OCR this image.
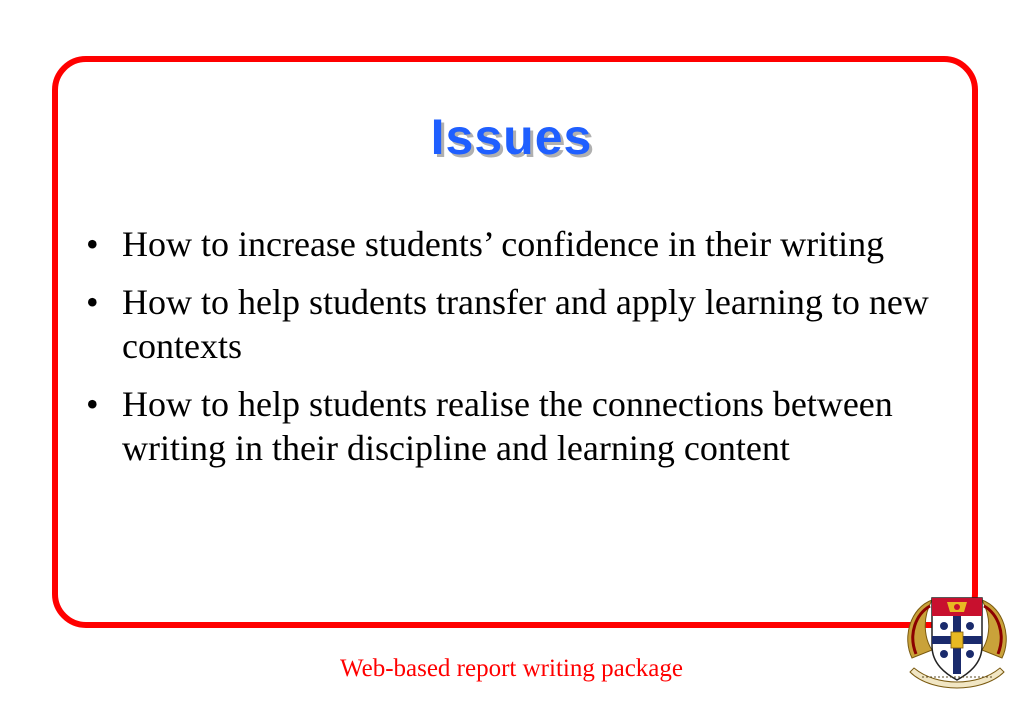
Issues
• How to increase students’ confidence in their writing
• How to help students transfer and apply learning to new contexts
• How to help students realise the connections between writing in their discipline and learning content
Web-based report writing package
